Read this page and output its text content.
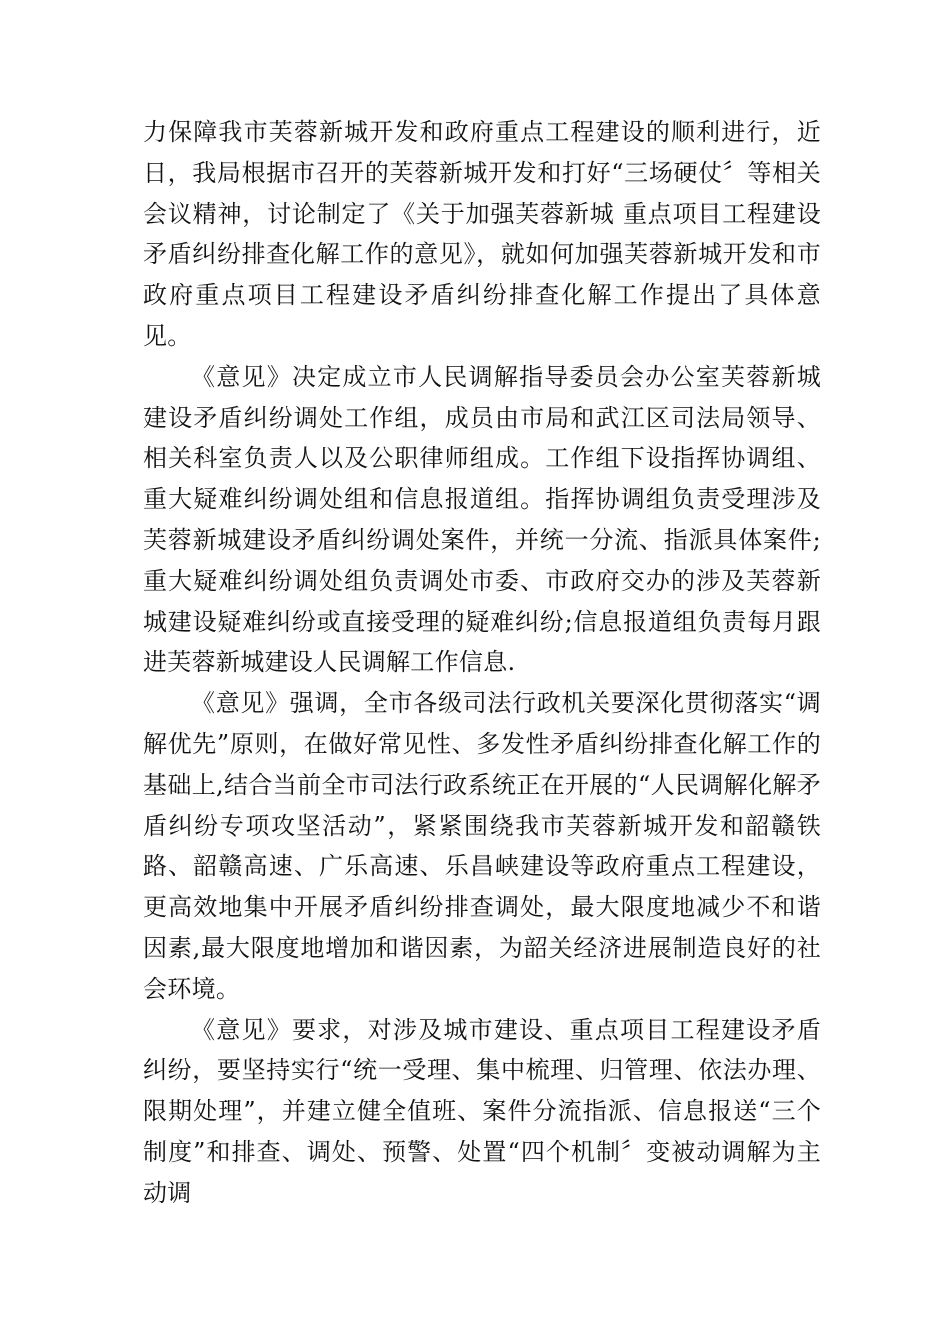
力保障我市芙蓉新城开发和政府重点工程建设的顺利进行，近日，我局根据市召开的芙蓉新城开发和打好“三场硬仗〞等相关会议精神，讨论制定了《关于加强芙蓉新城 重点项目工程建设矛盾纠纷排查化解工作的意见》，就如何加强芙蓉新城开发和市政府重点项目工程建设矛盾纠纷排查化解工作提出了具体意见。

《意见》决定成立市人民调解指导委员会办公室芙蓉新城建设矛盾纠纷调处工作组，成员由市局和武江区司法局领导、相关科室负责人以及公职律师组成。工作组下设指挥协调组、重大疑难纠纷调处组和信息报道组。指挥协调组负责受理涉及芙蓉新城建设矛盾纠纷调处案件，并统一分流、指派具体案件;重大疑难纠纷调处组负责调处市委、市政府交办的涉及芙蓉新城建设疑难纠纷或直接受理的疑难纠纷;信息报道组负责每月跟进芙蓉新城建设人民调解工作信息.

《意见》强调，全市各级司法行政机关要深化贯彻落实“调解优先”原则，在做好常见性、多发性矛盾纠纷排查化解工作的基础上,结合当前全市司法行政系统正在开展的“人民调解化解矛盾纠纷专项攻坚活动”，紧紧围绕我市芙蓉新城开发和韶赣铁路、韶赣高速、广乐高速、乐昌峡建设等政府重点工程建设，更高效地集中开展矛盾纠纷排查调处，最大限度地减少不和谐因素,最大限度地增加和谐因素，为韶关经济进展制造良好的社会环境。

《意见》要求，对涉及城市建设、重点项目工程建设矛盾纠纷，要坚持实行“统一受理、集中梳理、归管理、依法办理、限期处理”，并建立健全值班、案件分流指派、信息报送“三个制度”和排查、调处、预警、处置“四个机制〞变被动调解为主动调
